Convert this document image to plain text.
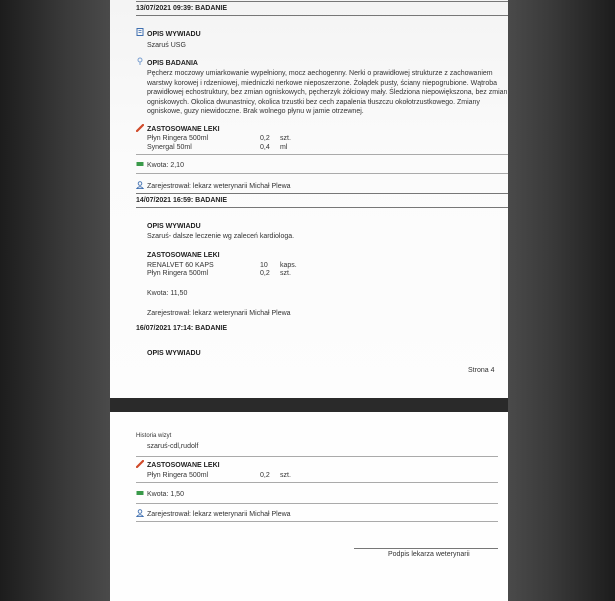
13/07/2021 09:39: BADANIE
OPIS WYWIADU
Szaruś USG
OPIS BADANIA
Pęcherz moczowy umiarkowanie wypełniony, mocz aechogenny. Nerki o prawidłowej strukturze z zachowaniem
warstwy korowej i rdzeniowej, miedniczki nerkowe nieposzerzone. Żołądek pusty, ściany niepogrubione. Wątroba
prawidłowej echostruktury, bez zmian ogniskowych, pęcherzyk żółciowy mały. Śledziona niepowiększona, bez zmian
ogniskowych. Okolica dwunastnicy, okolica trzustki bez cech zapalenia tłuszczu okołotrzustkowego. Zmiany
ogniskowe, guzy niewidoczne. Brak wolnego płynu w jamie otrzewnej.
ZASTOSOWANE LEKI
Płyn Ringera 500ml	0,2 szt.
Synergal 50ml	0,4 ml
Kwota: 2,10
Zarejestrował: lekarz weterynarii Michał Plewa
14/07/2021 16:59: BADANIE
OPIS WYWIADU
Szaruś- dalsze leczenie wg zaleceń kardiologa.
ZASTOSOWANE LEKI
RENALVET 60 KAPS	10 kaps.
Płyn Ringera 500ml	0,2 szt.
Kwota: 11,50
Zarejestrował: lekarz weterynarii Michał Plewa
16/07/2021 17:14: BADANIE
OPIS WYWIADU
Strona 4
Historia wizyt
szaruś-cdl,rudolf
ZASTOSOWANE LEKI
Płyn Ringera 500ml	0,2 szt.
Kwota: 1,50
Zarejestrował: lekarz weterynarii Michał Plewa
Podpis lekarza weterynarii
